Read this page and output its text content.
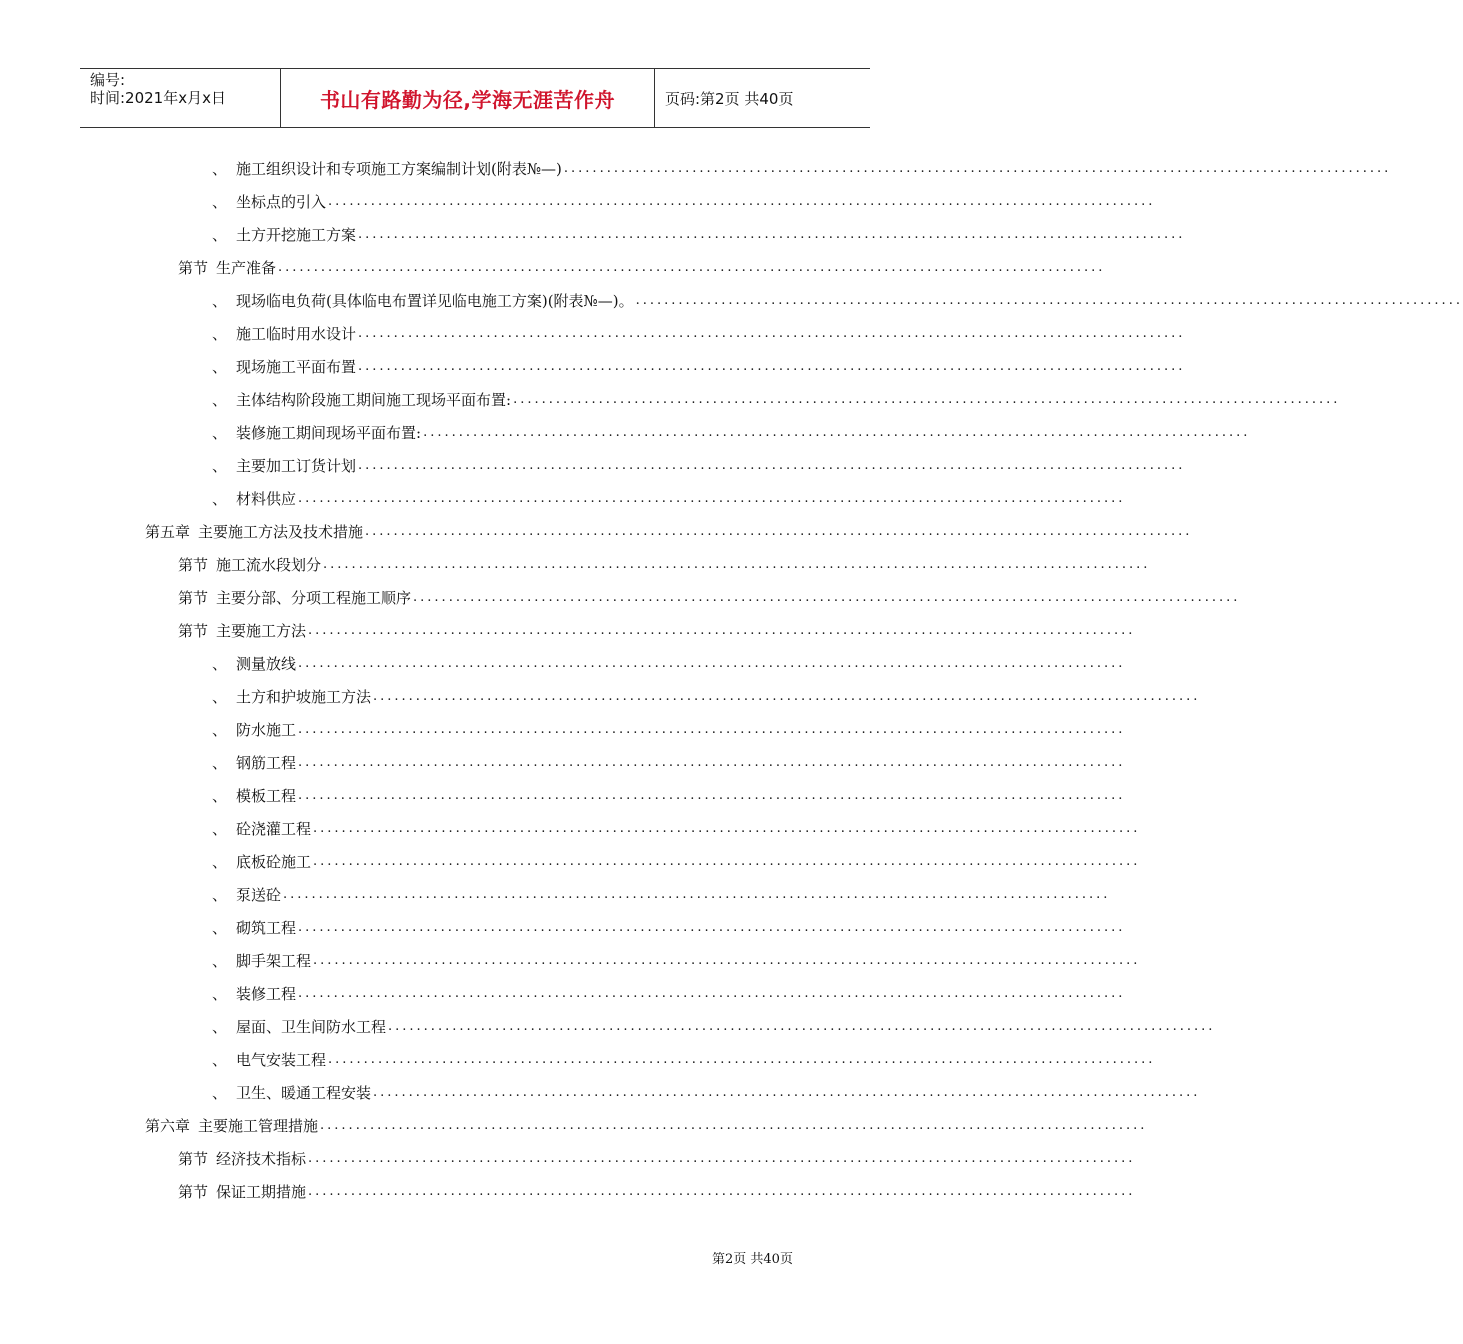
编号:
时间:2021年x月x日	书山有路勤为径,学海无涯苦作舟	页码:第2页 共40页
、 施工组织设计和专项施工方案编制计划(附表№—) ....................................................................................................................
、 坐标点的引入 ....................................................................................................................
、 土方开挖施工方案 ....................................................................................................................
第节 生产准备 ....................................................................................................................
、 现场临电负荷(具体临电布置详见临电施工方案)(附表№—)。 ....................................................................................................................
、 施工临时用水设计 ....................................................................................................................
、 现场施工平面布置 ....................................................................................................................
、 主体结构阶段施工期间施工现场平面布置: ....................................................................................................................
、 装修施工期间现场平面布置: ....................................................................................................................
、 主要加工订货计划 ....................................................................................................................
、 材料供应 ....................................................................................................................
第五章 主要施工方法及技术措施 ....................................................................................................................
第节 施工流水段划分 ....................................................................................................................
第节 主要分部、分项工程施工顺序 ....................................................................................................................
第节 主要施工方法 ....................................................................................................................
、 测量放线 ....................................................................................................................
、 土方和护坡施工方法 ....................................................................................................................
、 防水施工 ....................................................................................................................
、 钢筋工程 ....................................................................................................................
、 模板工程 ....................................................................................................................
、 砼浇灌工程 ....................................................................................................................
、 底板砼施工 ....................................................................................................................
、 泵送砼 ....................................................................................................................
、 砌筑工程 ....................................................................................................................
、 脚手架工程 ....................................................................................................................
、 装修工程 ....................................................................................................................
、 屋面、卫生间防水工程 ....................................................................................................................
、 电气安装工程 ....................................................................................................................
、 卫生、暖通工程安装 ....................................................................................................................
第六章 主要施工管理措施 ....................................................................................................................
第节 经济技术指标 ....................................................................................................................
第节 保证工期措施 ....................................................................................................................
第2页 共40页
